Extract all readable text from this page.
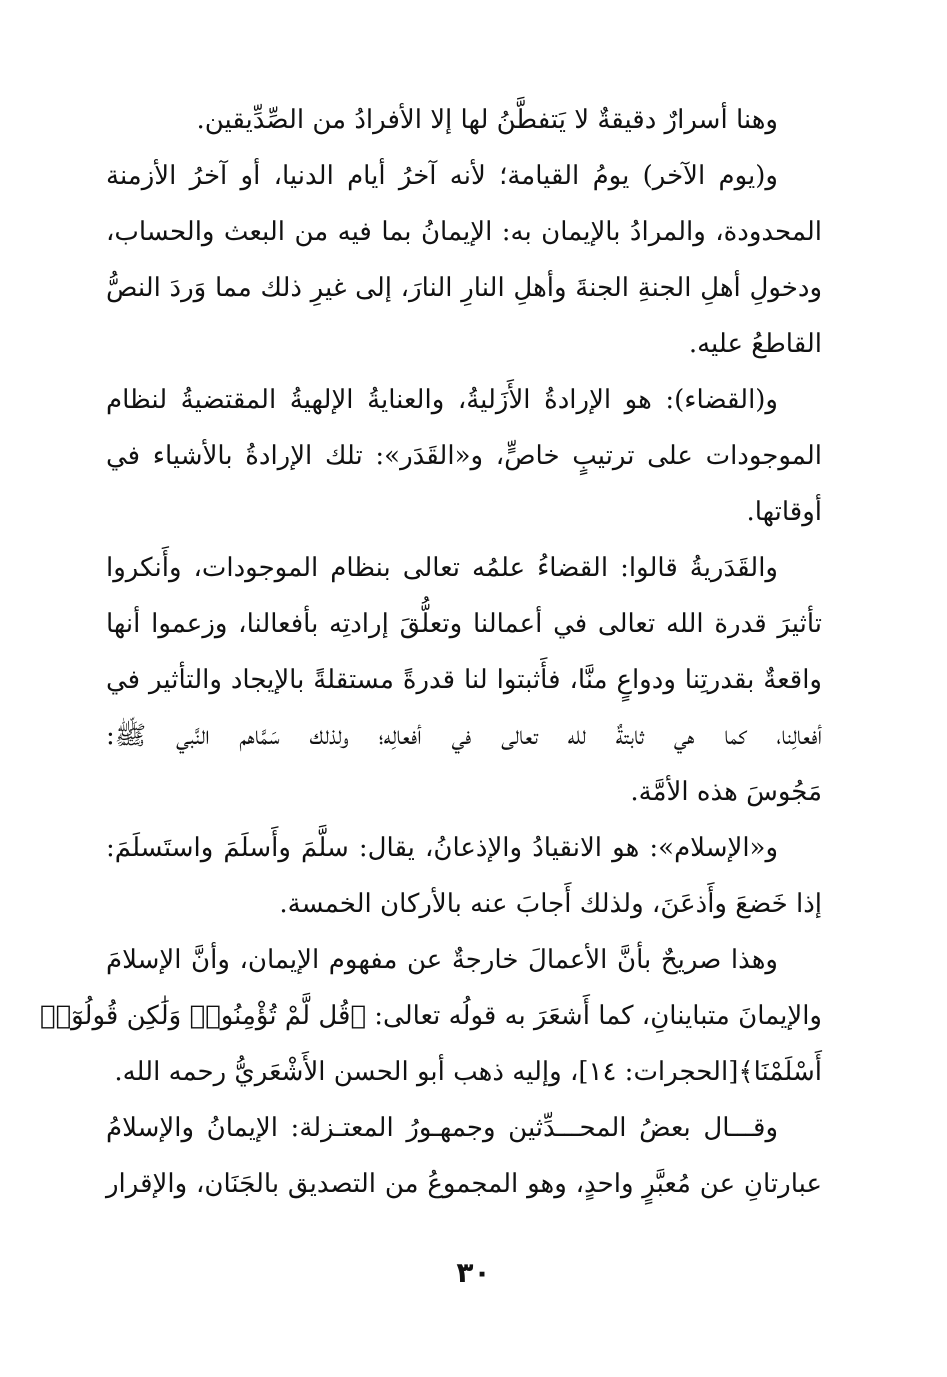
وهنا أسرارٌ دقيقةٌ لا يَتفطَّنُ لها إلا الأفرادُ من الصِّدِّيقين.
و(يوم الآخر) يومُ القيامة؛ لأنه آخرُ أيام الدنيا، أو آخرُ الأزمنة
المحدودة، والمرادُ بالإيمان به: الإيمانُ بما فيه من البعث والحساب،
ودخولِ أهلِ الجنةِ الجنةَ وأهلِ النارِ النارَ، إلى غيرِ ذلك مما وَردَ النصُّ
القاطعُ عليه.
و(القضاء): هو الإرادةُ الأَزَليةُ، والعنايةُ الإلهيةُ المقتضيةُ لنظام
الموجودات على ترتيبٍ خاصٍّ، و«القَدَر»: تلك الإرادةُ بالأشياء في
أوقاتها.
والقَدَريةُ قالوا: القضاءُ علمُه تعالى بنظام الموجودات، وأَنكروا
تأثيرَ قدرة الله تعالى في أعمالنا وتعلُّقَ إرادتِه بأفعالنا، وزعموا أنها
واقعةٌ بقدرتِنا ودواعٍ منَّا، فأَثبتوا لنا قدرةً مستقلةً بالإيجاد والتأثير في
أفعالِنا، كما هي ثابتةٌ لله تعالى في أفعالِه؛ ولذلك سَمَّاهم النَّبي ﷺ:
مَجُوسَ هذه الأمَّة.
و«الإسلام»: هو الانقيادُ والإذعانُ، يقال: سلَّمَ وأَسلَمَ واستَسلَمَ:
إذا خَضعَ وأَذعَنَ، ولذلك أَجابَ عنه بالأركان الخمسة.
وهذا صريحٌ بأنَّ الأعمالَ خارجةٌ عن مفهوم الإيمان، وأنَّ الإسلامَ
والإيمانَ متباينانِ، كما أَشعَرَ به قولُه تعالى: ﴿قُل لَّمْ تُؤْمِنُوا۟ وَلَٰكِن قُولُوٓا۟
أَسْلَمْنَا﴾[الحجرات: ١٤]، وإليه ذهب أبو الحسن الأَشْعَريُّ رحمه الله.
وقـــال بعضُ المحـــدِّثين وجمهـورُ المعتـزلة: الإيمانُ والإسلامُ
عبارتانِ عن مُعبَّرٍ واحدٍ، وهو المجموعُ من التصديق بالجَنَان، والإقرار
٣٠
